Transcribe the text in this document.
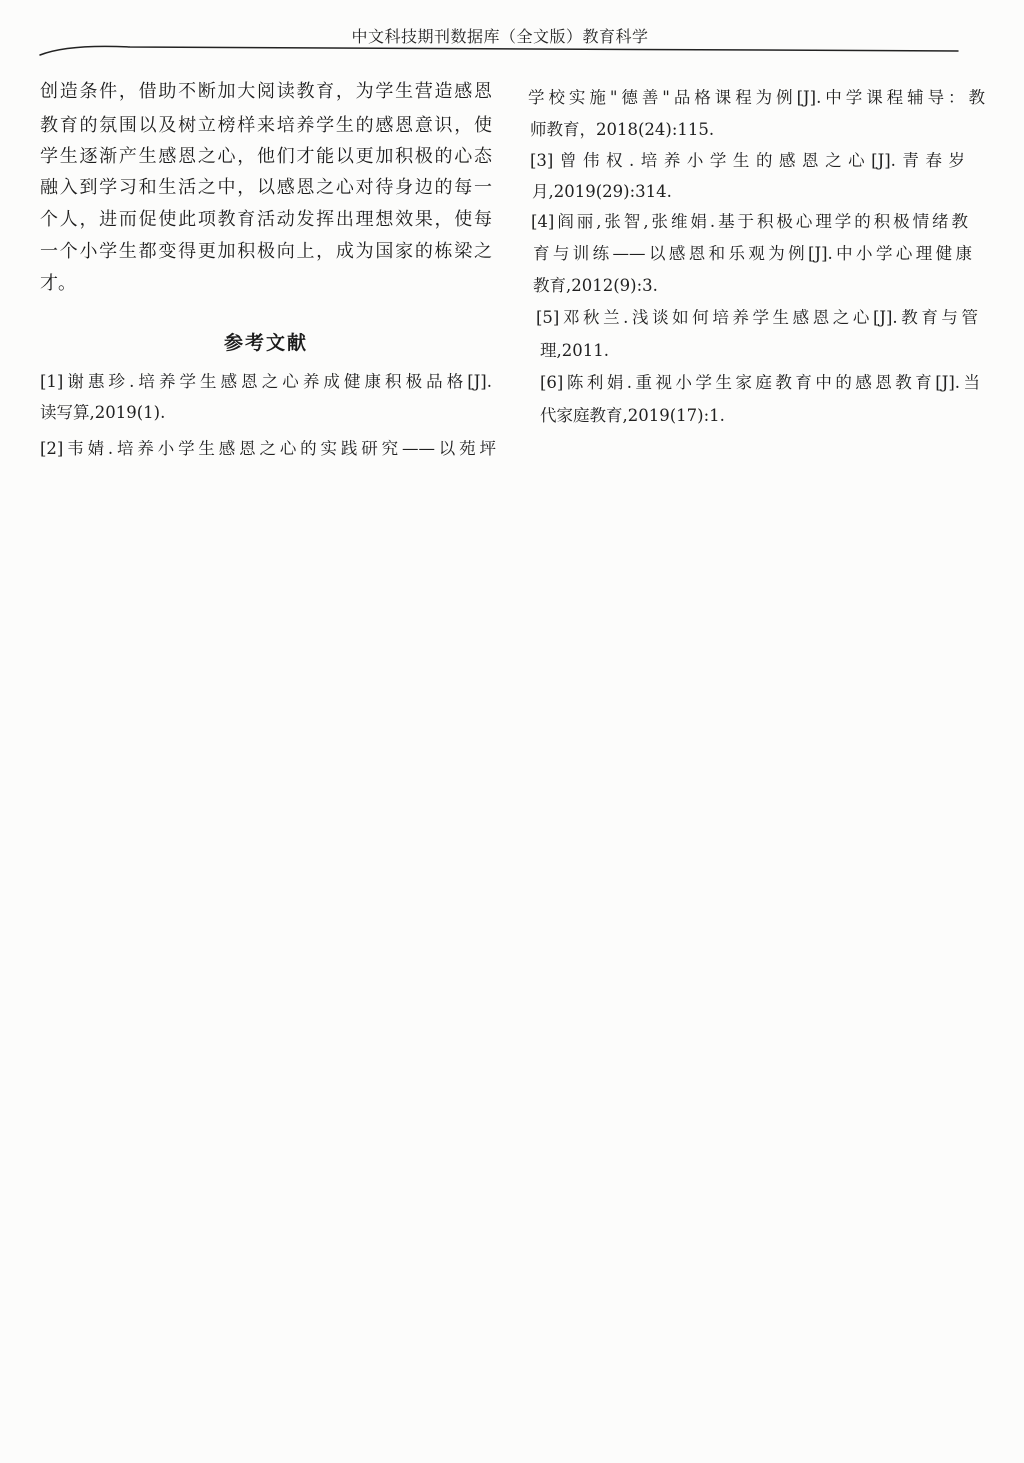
中文科技期刊数据库（全文版）教育科学
创造条件，借助不断加大阅读教育，为学生营造感恩
教育的氛围以及树立榜样来培养学生的感恩意识，使
学生逐渐产生感恩之心，他们才能以更加积极的心态
融入到学习和生活之中，以感恩之心对待身边的每一
个人，进而促使此项教育活动发挥出理想效果，使每
一个小学生都变得更加积极向上，成为国家的栋梁之
才。
参考文献
[1]谢惠珍.培养学生感恩之心养成健康积极品格[J].
读写算,2019(1).
[2]韦婧.培养小学生感恩之心的实践研究——以苑坪
学校实施"德善"品格课程为例[J].中学课程辅导：教
师教育，2018(24):115.
[3]曾伟权.培养小学生的感恩之心[J].青春岁
月,2019(29):314.
[4]阎丽,张智,张维娟.基于积极心理学的积极情绪教
育与训练——以感恩和乐观为例[J].中小学心理健康
教育,2012(9):3.
[5]邓秋兰.浅谈如何培养学生感恩之心[J].教育与管
理,2011.
[6]陈利娟.重视小学生家庭教育中的感恩教育[J].当
代家庭教育,2019(17):1.
